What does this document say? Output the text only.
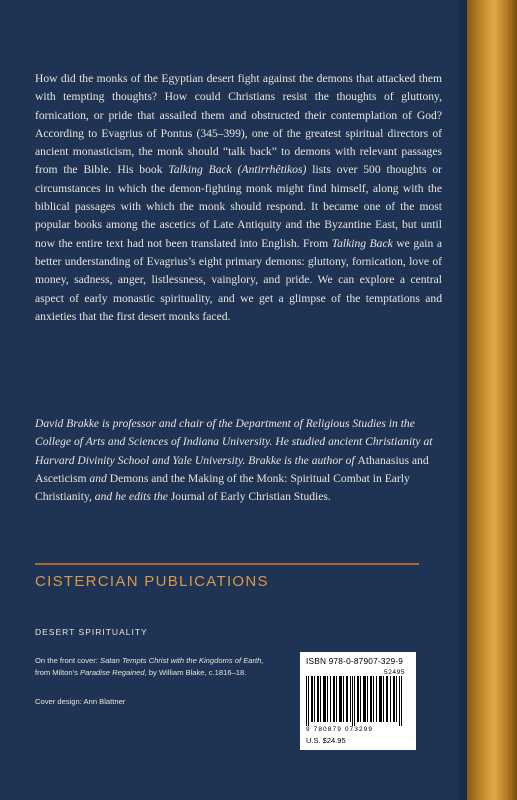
How did the monks of the Egyptian desert fight against the demons that attacked them with tempting thoughts? How could Christians resist the thoughts of gluttony, fornication, or pride that assailed them and obstructed their contemplation of God? According to Evagrius of Pontus (345–399), one of the greatest spiritual directors of ancient monasticism, the monk should “talk back” to demons with relevant passages from the Bible. His book Talking Back (Antirrhêtikos) lists over 500 thoughts or circumstances in which the demon-fighting monk might find himself, along with the biblical passages with which the monk should respond. It became one of the most popular books among the ascetics of Late Antiquity and the Byzantine East, but until now the entire text had not been translated into English. From Talking Back we gain a better understanding of Evagrius’s eight primary demons: gluttony, fornication, love of money, sadness, anger, listlessness, vainglory, and pride. We can explore a central aspect of early monastic spirituality, and we get a glimpse of the temptations and anxieties that the first desert monks faced.

David Brakke is professor and chair of the Department of Religious Studies in the College of Arts and Sciences of Indiana University. He studied ancient Christianity at Harvard Divinity School and Yale University. Brakke is the author of Athanasius and Asceticism and Demons and the Making of the Monk: Spiritual Combat in Early Christianity, and he edits the Journal of Early Christian Studies.

CISTERCIAN PUBLICATIONS
DESERT SPIRITUALITY
On the front cover: Satan Tempts Christ with the Kingdoms of Earth,
from Milton’s Paradise Regained, by William Blake, c.1816–18.
Cover design: Ann Blattner
ISBN 978-0-87907-329-9
52495
9 780879 073299
U.S. $24.95
